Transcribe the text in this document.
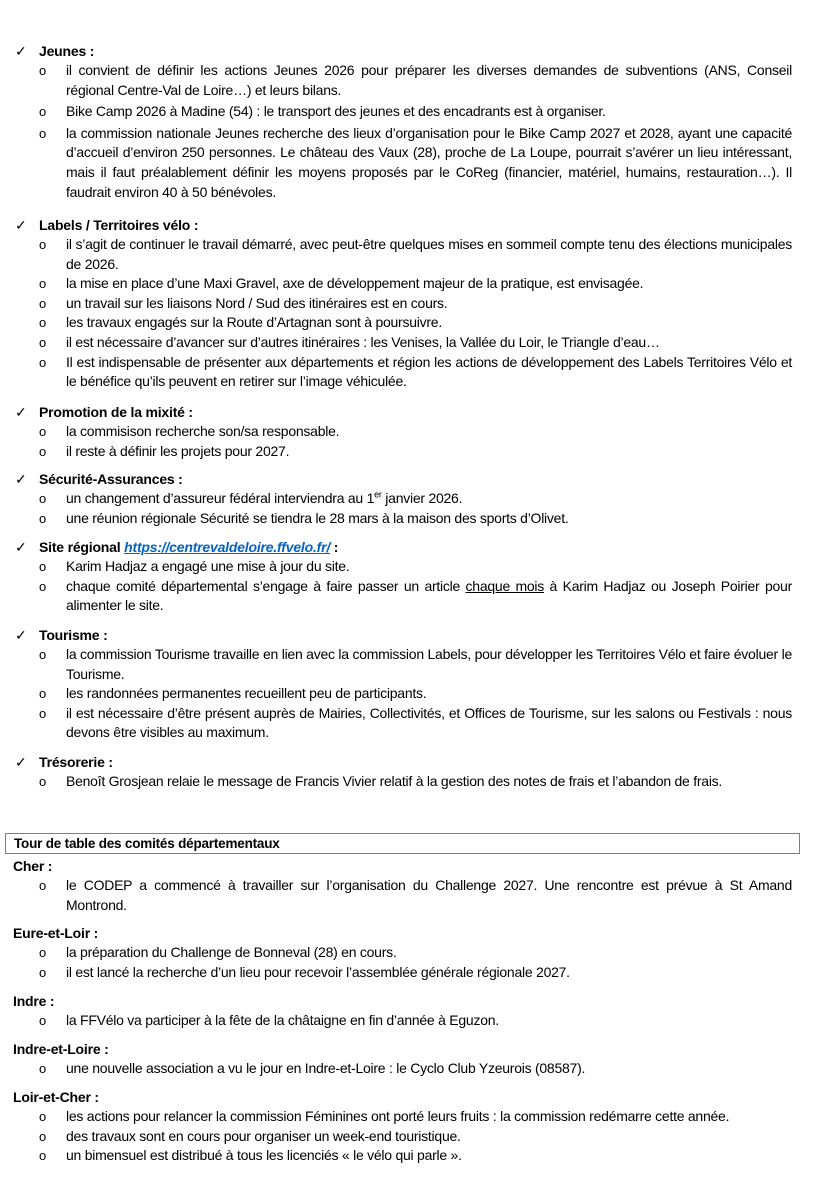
✓ Jeunes :
o il convient de définir les actions Jeunes 2026 pour préparer les diverses demandes de subventions (ANS, Conseil régional Centre-Val de Loire…) et leurs bilans.
o Bike Camp 2026 à Madine (54) : le transport des jeunes et des encadrants est à organiser.
o la commission nationale Jeunes recherche des lieux d’organisation pour le Bike Camp 2027 et 2028, ayant une capacité d’accueil d’environ 250 personnes. Le château des Vaux (28), proche de La Loupe, pourrait s’avérer un lieu intéressant, mais il faut préalablement définir les moyens proposés par le CoReg (financier, matériel, humains, restauration…). Il faudrait environ 40 à 50 bénévoles.
✓ Labels / Territoires vélo :
o il s’agit de continuer le travail démarré, avec peut-être quelques mises en sommeil compte tenu des élections municipales de 2026.
o la mise en place d’une Maxi Gravel, axe de développement majeur de la pratique, est envisagée.
o un travail sur les liaisons Nord / Sud des itinéraires est en cours.
o les travaux engagés sur la Route d’Artagnan sont à poursuivre.
o il est nécessaire d’avancer sur d’autres itinéraires : les Venises, la Vallée du Loir, le Triangle d’eau…
o Il est indispensable de présenter aux départements et région les actions de développement des Labels Territoires Vélo et le bénéfice qu’ils peuvent en retirer sur l’image véhiculée.
✓ Promotion de la mixité :
o la commisison recherche son/sa responsable.
o il reste à définir les projets pour 2027.
✓ Sécurité-Assurances :
o un changement d’assureur fédéral interviendra au 1er janvier 2026.
o une réunion régionale Sécurité se tiendra le 28 mars à la maison des sports d’Olivet.
✓ Site régional https://centrevaldeloire.ffvelo.fr/ :
o Karim Hadjaz a engagé une mise à jour du site.
o chaque comité départemental s’engage à faire passer un article chaque mois à Karim Hadjaz ou Joseph Poirier pour alimenter le site.
✓ Tourisme :
o la commission Tourisme travaille en lien avec la commission Labels, pour développer les Territoires Vélo et faire évoluer le Tourisme.
o les randonnées permanentes recueillent peu de participants.
o il est nécessaire d’être présent auprès de Mairies, Collectivités, et Offices de Tourisme, sur les salons ou Festivals : nous devons être visibles au maximum.
✓ Trésorerie :
o Benoît Grosjean relaie le message de Francis Vivier relatif à la gestion des notes de frais et l’abandon de frais.
Tour de table des comités départementaux
Cher :
o le CODEP a commencé à travailler sur l’organisation du Challenge 2027. Une rencontre est prévue à St Amand Montrond.
Eure-et-Loir :
o la préparation du Challenge de Bonneval (28) en cours.
o il est lancé la recherche d’un lieu pour recevoir l’assemblée générale régionale 2027.
Indre :
o la FFVélo va participer à la fête de la châtaigne en fin d’année à Eguzon.
Indre-et-Loire :
o une nouvelle association a vu le jour en Indre-et-Loire : le Cyclo Club Yzeurois (08587).
Loir-et-Cher :
o les actions pour relancer la commission Féminines ont porté leurs fruits : la commission redémarre cette année.
o des travaux sont en cours pour organiser un week-end touristique.
o un bimensuel est distribué à tous les licenciés « le vélo qui parle ».
